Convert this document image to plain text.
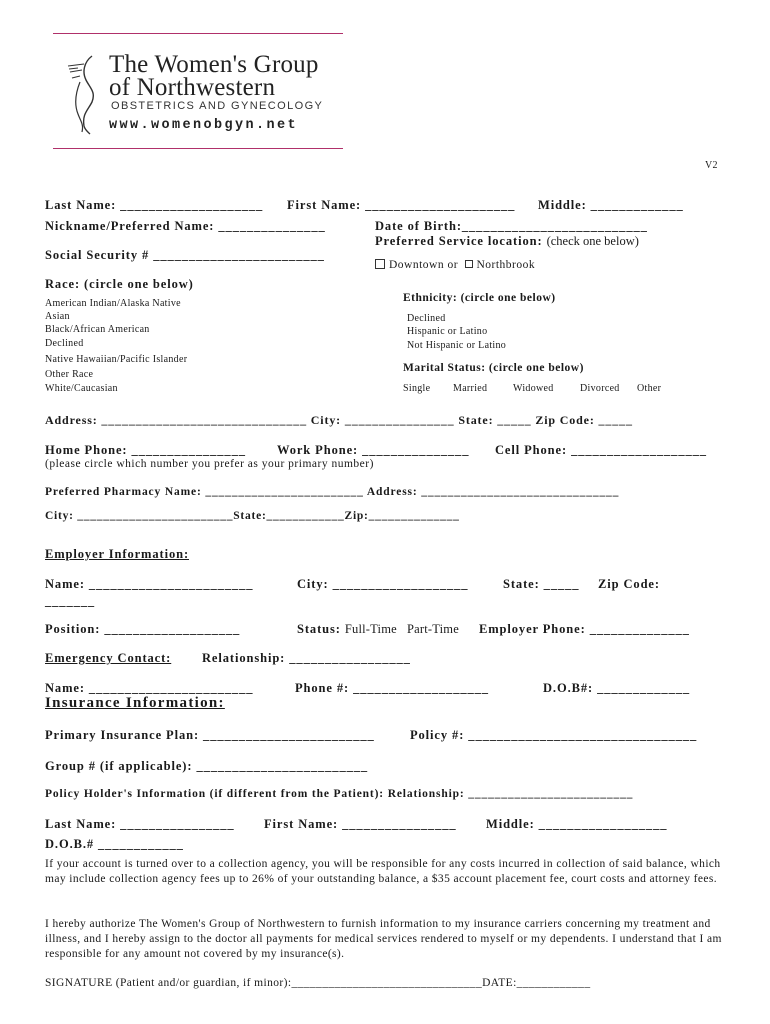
The Women's Group
of Northwestern
OBSTETRICS AND GYNECOLOGY
www.womenobgyn.net
V2
Last Name: ____________________ First Name: _____________________ Middle: _____________
Nickname/Preferred Name: _______________	Date of Birth:__________________________
Preferred Service location: (check one below)
Social Security # ________________________
Downtown or Northbrook
Race: (circle one below)
American Indian/Alaska Native
Asian
Black/African American
Declined
Native Hawaiian/Pacific Islander
Other Race
White/Caucasian
Ethnicity: (circle one below)
Declined
Hispanic or Latino
Not Hispanic or Latino
Marital Status: (circle one below)
Single Married	Widowed	Divorced Other
Address: ______________________________ City: ________________ State: _____ Zip Code: _____
Home Phone: ________________ Work Phone: _______________ Cell Phone: ___________________
(please circle which number you prefer as your primary number)
Preferred Pharmacy Name: ________________________ Address: ______________________________
City: ________________________State:____________Zip:______________
Employer Information:
Name: _______________________	City: ___________________	State: _____ Zip Code:
_______
Position: ___________________	Status: Full-Time Part-Time Employer Phone: ______________
Emergency Contact: Relationship: _________________
Name: _______________________	Phone #: ___________________	D.O.B#: _____________
Insurance Information:
Primary Insurance Plan: ________________________	Policy #: ________________________________
Group # (if applicable): ________________________
Policy Holder's Information (if different from the Patient): Relationship: _________________________
Last Name: ________________ First Name: ________________ Middle: __________________
D.O.B.# ____________
If your account is turned over to a collection agency, you will be responsible for any costs incurred in collection of said balance, which may include collection agency fees up to 26% of your outstanding balance, a $35 account placement fee, court costs and attorney fees.
I hereby authorize The Women's Group of Northwestern to furnish information to my insurance carriers concerning my treatment and illness, and I hereby assign to the doctor all payments for medical services rendered to myself or my dependents. I understand that I am responsible for any amount not covered by my insurance(s).
SIGNATURE (Patient and/or guardian, if minor):_______________________________DATE:____________
